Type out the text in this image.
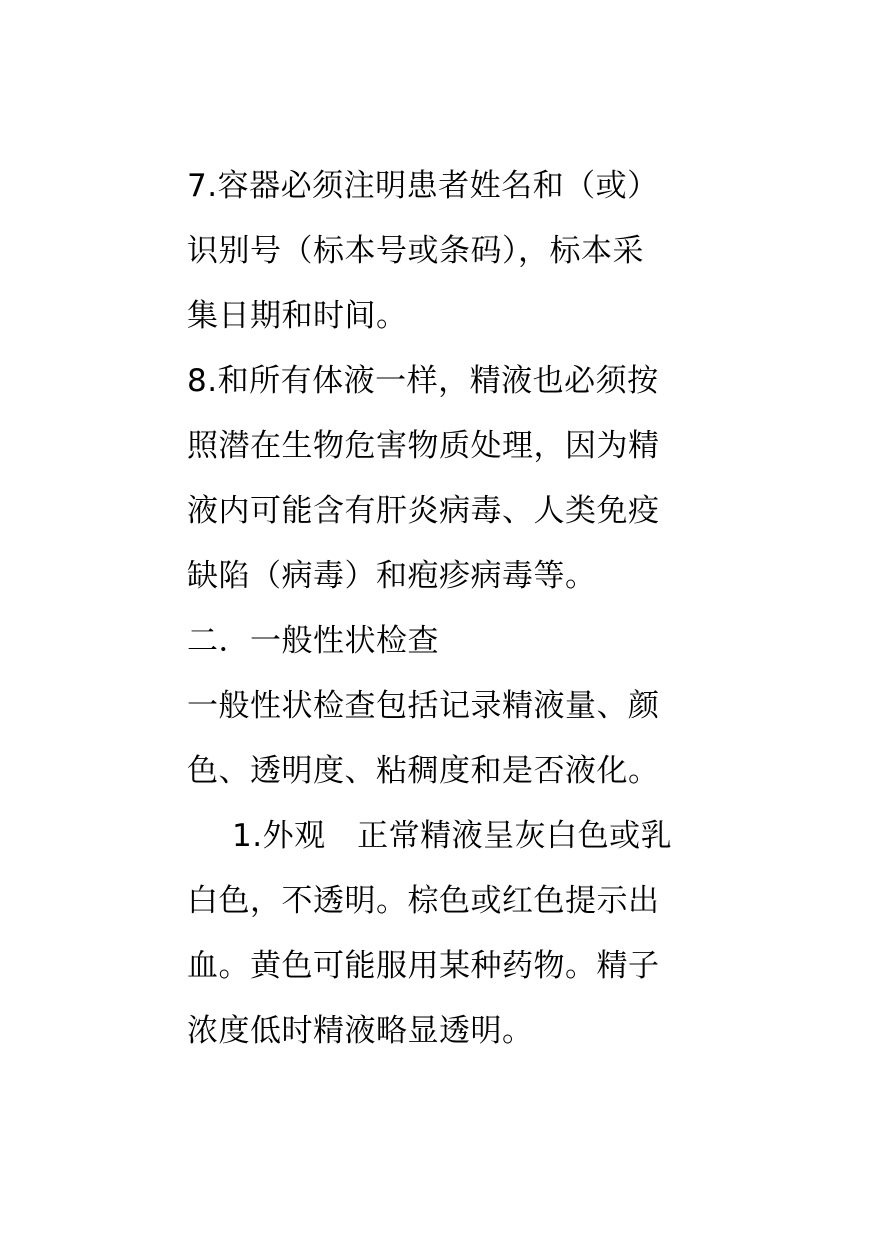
7.容器必须注明患者姓名和（或）
识别号（标本号或条码），标本采
集日期和时间。
8.和所有体液一样，精液也必须按
照潜在生物危害物质处理，因为精
液内可能含有肝炎病毒、人类免疫
缺陷（病毒）和疱疹病毒等。
二．一般性状检查
一般性状检查包括记录精液量、颜
色、透明度、粘稠度和是否液化。
1.外观　正常精液呈灰白色或乳
白色，不透明。棕色或红色提示出
血。黄色可能服用某种药物。精子
浓度低时精液略显透明。
